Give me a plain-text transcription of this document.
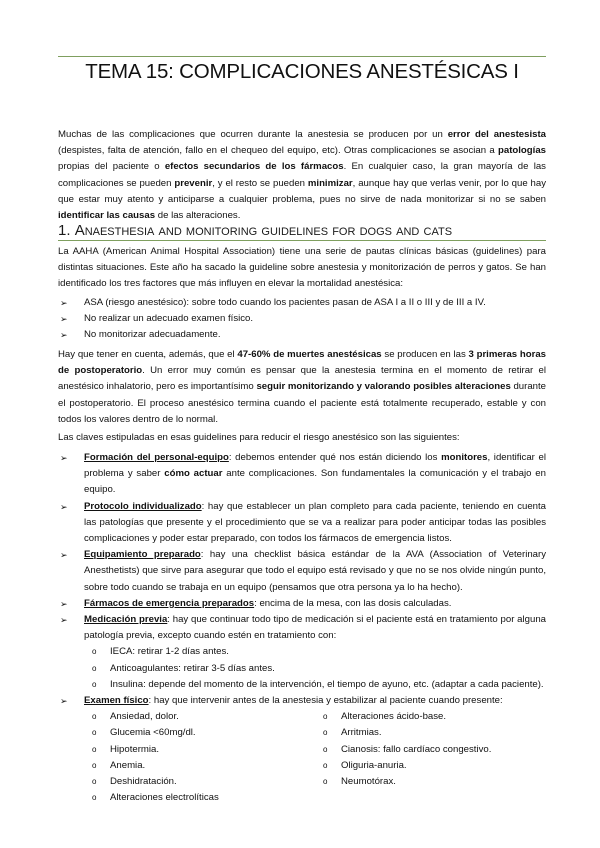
TEMA 15: COMPLICACIONES ANESTÉSICAS I

Muchas de las complicaciones que ocurren durante la anestesia se producen por un error del anestesista (despistes, falta de atención, fallo en el chequeo del equipo, etc). Otras complicaciones se asocian a patologías propias del paciente o efectos secundarios de los fármacos. En cualquier caso, la gran mayoría de las complicaciones se pueden prevenir, y el resto se pueden minimizar, aunque hay que verlas venir, por lo que hay que estar muy atento y anticiparse a cualquier problema, pues no sirve de nada monitorizar si no se saben identificar las causas de las alteraciones.

1. Anaesthesia and monitoring guidelines for dogs and cats

La AAHA (American Animal Hospital Association) tiene una serie de pautas clínicas básicas (guidelines) para distintas situaciones. Este año ha sacado la guideline sobre anestesia y monitorización de perros y gatos. Se han identificado los tres factores que más influyen en elevar la mortalidad anestésica:

➢ ASA (riesgo anestésico): sobre todo cuando los pacientes pasan de ASA I a II o III y de III a IV.
➢ No realizar un adecuado examen físico.
➢ No monitorizar adecuadamente.

Hay que tener en cuenta, además, que el 47-60% de muertes anestésicas se producen en las 3 primeras horas de postoperatorio. Un error muy común es pensar que la anestesia termina en el momento de retirar el anestésico inhalatorio, pero es importantísimo seguir monitorizando y valorando posibles alteraciones durante el postoperatorio. El proceso anestésico termina cuando el paciente está totalmente recuperado, estable y con todos los valores dentro de lo normal.

Las claves estipuladas en esas guidelines para reducir el riesgo anestésico son las siguientes:

➢ Formación del personal-equipo: debemos entender qué nos están diciendo los monitores, identificar el problema y saber cómo actuar ante complicaciones. Son fundamentales la comunicación y el trabajo en equipo.
➢ Protocolo individualizado: hay que establecer un plan completo para cada paciente, teniendo en cuenta las patologías que presente y el procedimiento que se va a realizar para poder anticipar todas las posibles complicaciones y poder estar preparado, con todos los fármacos de emergencia listos.
➢ Equipamiento preparado: hay una checklist básica estándar de la AVA (Association of Veterinary Anesthetists) que sirve para asegurar que todo el equipo está revisado y que no se nos olvide ningún punto, sobre todo cuando se trabaja en un equipo (pensamos que otra persona ya lo ha hecho).
➢ Fármacos de emergencia preparados: encima de la mesa, con las dosis calculadas.
➢ Medicación previa: hay que continuar todo tipo de medicación si el paciente está en tratamiento por alguna patología previa, excepto cuando estén en tratamiento con:
o IECA: retirar 1-2 días antes.
o Anticoagulantes: retirar 3-5 días antes.
o Insulina: depende del momento de la intervención, el tiempo de ayuno, etc. (adaptar a cada paciente).
➢ Examen físico: hay que intervenir antes de la anestesia y estabilizar al paciente cuando presente:
o Ansiedad, dolor.
o Glucemia <60mg/dl.
o Hipotermia.
o Anemia.
o Deshidratación.
o Alteraciones electrolíticas
o Alteraciones ácido-base.
o Arritmias.
o Cianosis: fallo cardíaco congestivo.
o Oliguria-anuria.
o Neumotórax.
